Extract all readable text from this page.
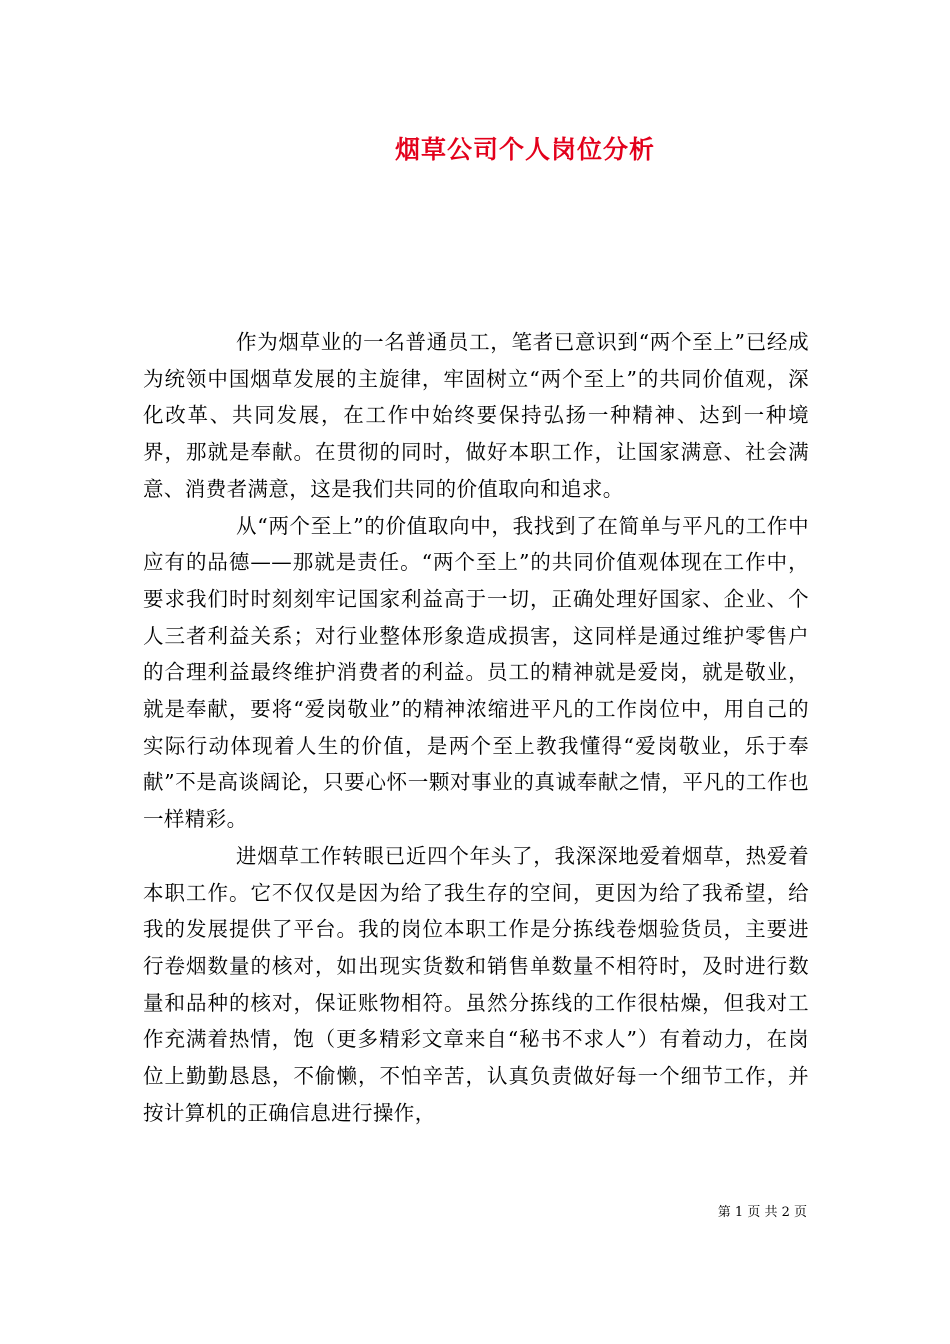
烟草公司个人岗位分析

作为烟草业的一名普通员工，笔者已意识到“两个至上”已经成为统领中国烟草发展的主旋律，牢固树立“两个至上”的共同价值观，深化改革、共同发展，在工作中始终要保持弘扬一种精神、达到一种境界，那就是奉献。在贯彻的同时，做好本职工作，让国家满意、社会满意、消费者满意，这是我们共同的价值取向和追求。

从“两个至上”的价值取向中，我找到了在简单与平凡的工作中应有的品德——那就是责任。“两个至上”的共同价值观体现在工作中，要求我们时时刻刻牢记国家利益高于一切，正确处理好国家、企业、个人三者利益关系；对行业整体形象造成损害，这同样是通过维护零售户的合理利益最终维护消费者的利益。员工的精神就是爱岗，就是敬业，就是奉献，要将“爱岗敬业”的精神浓缩进平凡的工作岗位中，用自己的实际行动体现着人生的价值，是两个至上教我懂得“爱岗敬业，乐于奉献”不是高谈阔论，只要心怀一颗对事业的真诚奉献之情，平凡的工作也一样精彩。

进烟草工作转眼已近四个年头了，我深深地爱着烟草，热爱着本职工作。它不仅仅是因为给了我生存的空间，更因为给了我希望，给我的发展提供了平台。我的岗位本职工作是分拣线卷烟验货员，主要进行卷烟数量的核对，如出现实货数和销售单数量不相符时，及时进行数量和品种的核对，保证账物相符。虽然分拣线的工作很枯燥，但我对工作充满着热情，饱（更多精彩文章来自“秘书不求人”）有着动力，在岗位上勤勤恳恳，不偷懒，不怕辛苦，认真负责做好每一个细节工作，并按计算机的正确信息进行操作，

第 1 页 共 2 页
